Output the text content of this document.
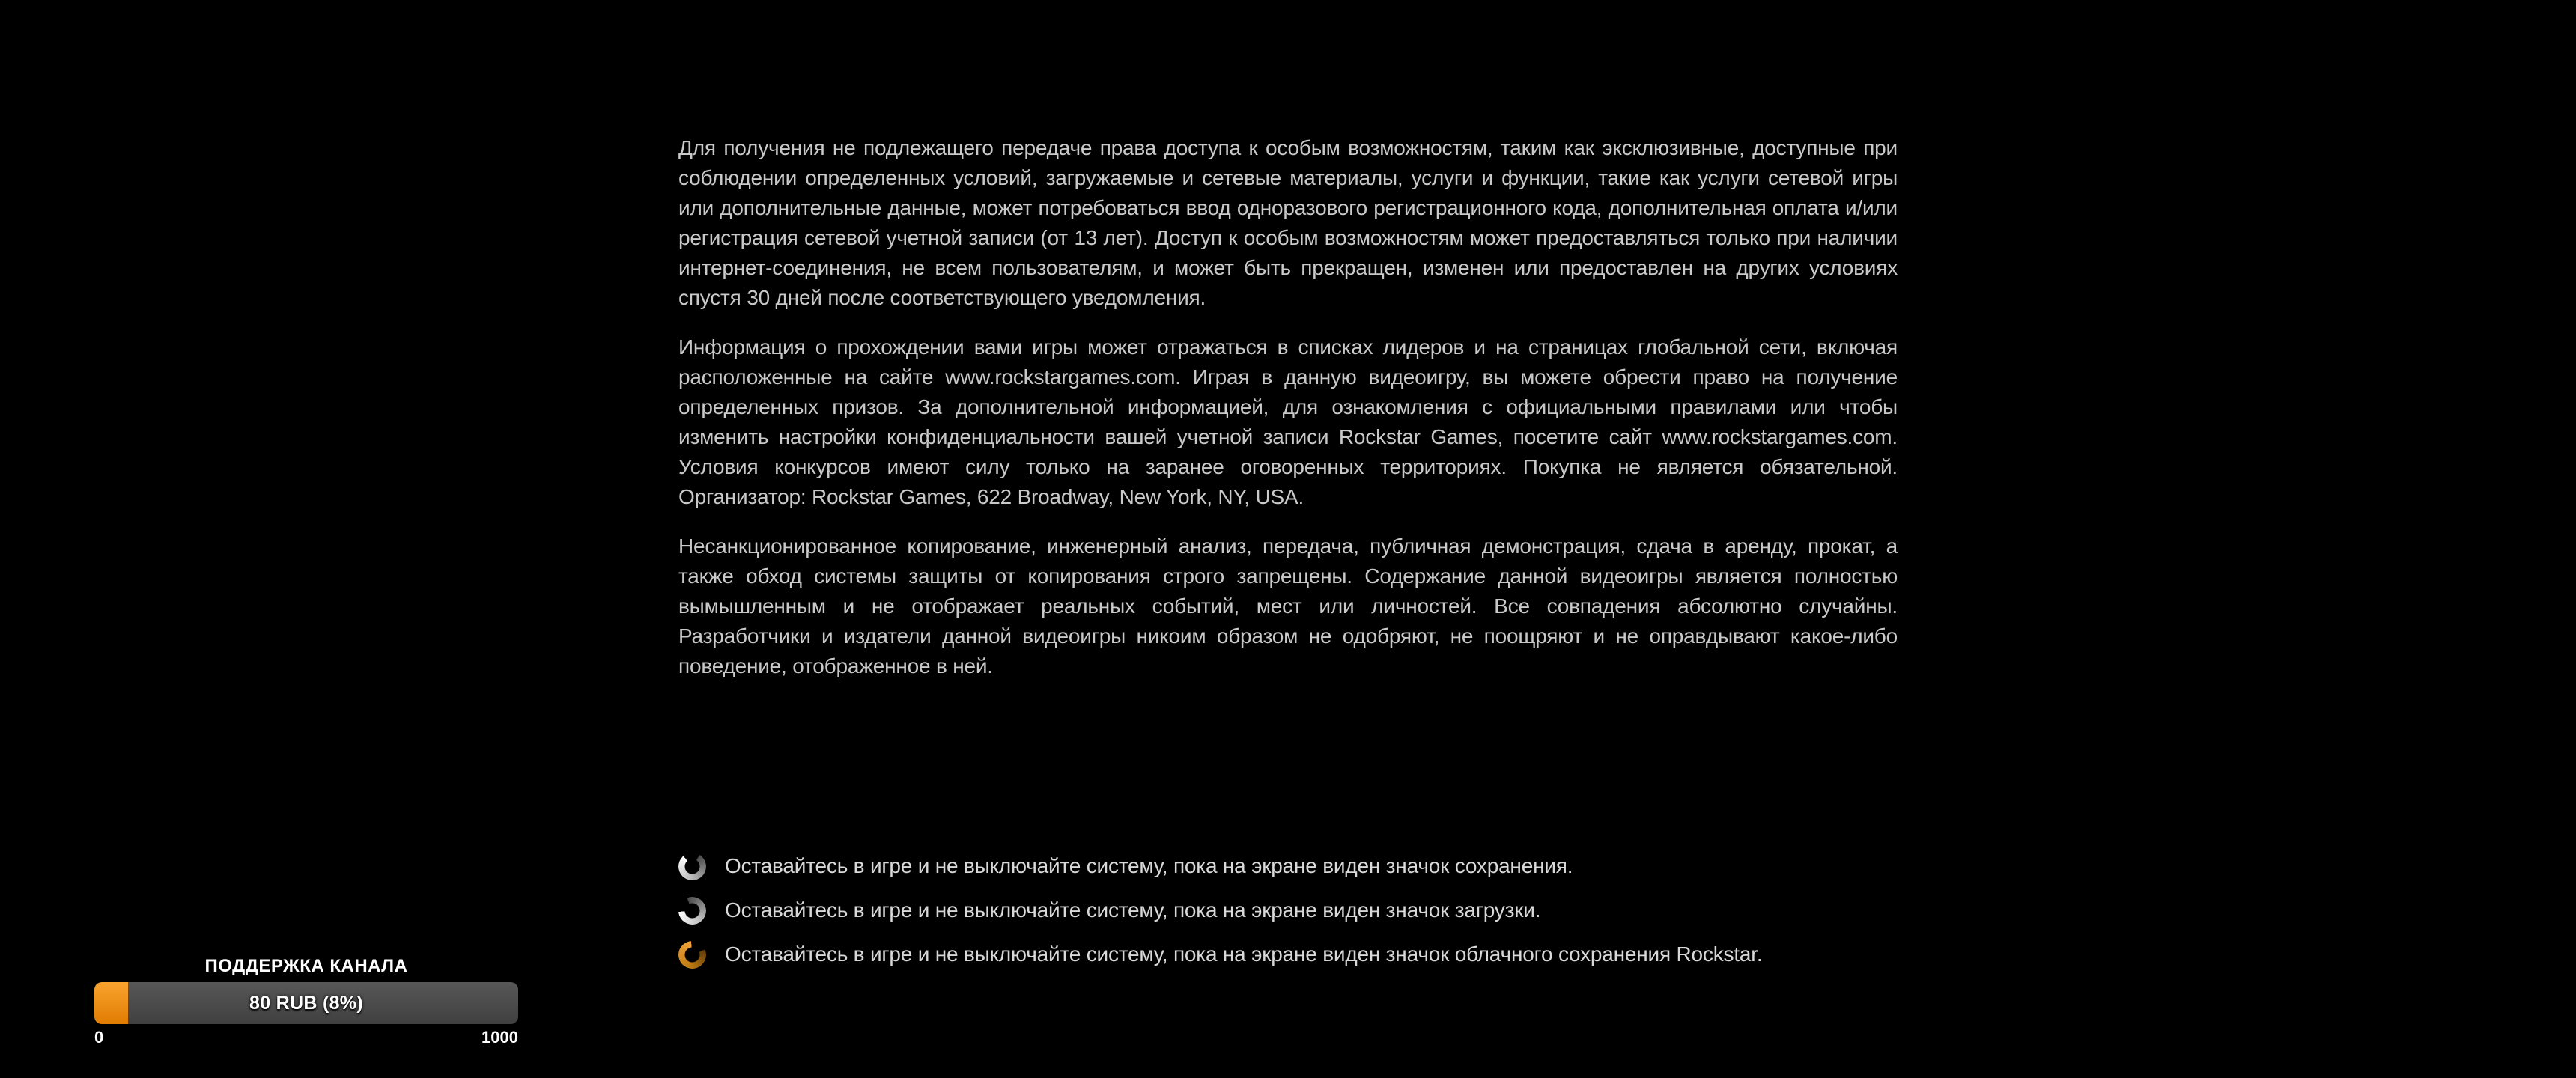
Для получения не подлежащего передаче права доступа к особым возможностям, таким как эксклюзивные, доступные при соблюдении определенных условий, загружаемые и сетевые материалы, услуги и функции, такие как услуги сетевой игры или дополнительные данные, может потребоваться ввод одноразового регистрационного кода, дополнительная оплата и/или регистрация сетевой учетной записи (от 13 лет). Доступ к особым возможностям может предоставляться только при наличии интернет-соединения, не всем пользователям, и может быть прекращен, изменен или предоставлен на других условиях спустя 30 дней после соответствующего уведомления.

Информация о прохождении вами игры может отражаться в списках лидеров и на страницах глобальной сети, включая расположенные на сайте www.rockstargames.com. Играя в данную видеоигру, вы можете обрести право на получение определенных призов. За дополнительной информацией, для ознакомления с официальными правилами или чтобы изменить настройки конфиденциальности вашей учетной записи Rockstar Games, посетите сайт www.rockstargames.com. Условия конкурсов имеют силу только на заранее оговоренных территориях. Покупка не является обязательной. Организатор: Rockstar Games, 622 Broadway, New York, NY, USA.

Несанкционированное копирование, инженерный анализ, передача, публичная демонстрация, сдача в аренду, прокат, а также обход системы защиты от копирования строго запрещены. Содержание данной видеоигры является полностью вымышленным и не отображает реальных событий, мест или личностей. Все совпадения абсолютно случайны. Разработчики и издатели данной видеоигры никоим образом не одобряют, не поощряют и не оправдывают какое-либо поведение, отображенное в ней.

Оставайтесь в игре и не выключайте систему, пока на экране виден значок сохранения.
Оставайтесь в игре и не выключайте систему, пока на экране виден значок загрузки.
Оставайтесь в игре и не выключайте систему, пока на экране виден значок облачного сохранения Rockstar.
ПОДДЕРЖКА КАНАЛА
80 RUB (8%)
0	1000
